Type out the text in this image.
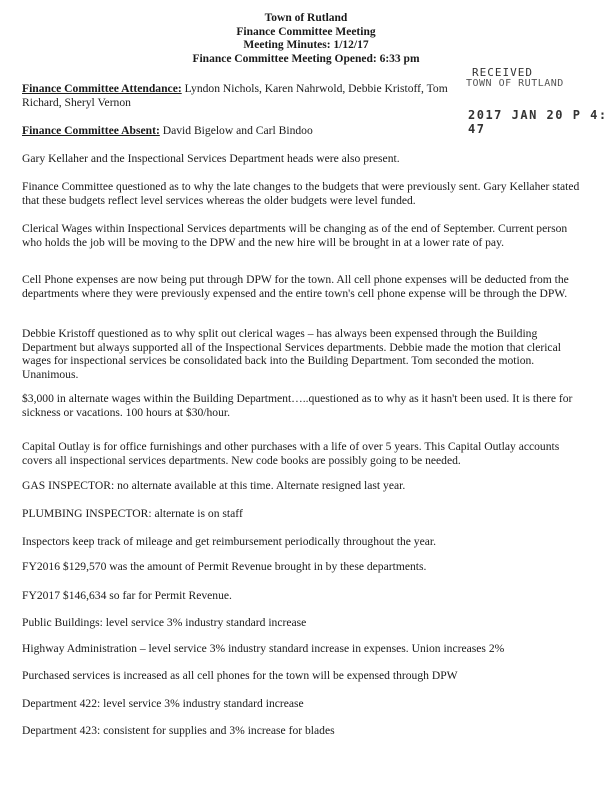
Town of Rutland
Finance Committee Meeting
Meeting Minutes: 1/12/17
Finance Committee Meeting Opened: 6:33 pm
RECEIVED
TOWN OF RUTLAND
2017 JAN 20 P 4: 47
Finance Committee Attendance: Lyndon Nichols, Karen Nahrwold, Debbie Kristoff, Tom Richard, Sheryl Vernon
Finance Committee Absent: David Bigelow and Carl Bindoo
Gary Kellaher and the Inspectional Services Department heads were also present.
Finance Committee questioned as to why the late changes to the budgets that were previously sent. Gary Kellaher stated that these budgets reflect level services whereas the older budgets were level funded.
Clerical Wages within Inspectional Services departments will be changing as of the end of September. Current person who holds the job will be moving to the DPW and the new hire will be brought in at a lower rate of pay.
Cell Phone expenses are now being put through DPW for the town. All cell phone expenses will be deducted from the departments where they were previously expensed and the entire town's cell phone expense will be through the DPW.
Debbie Kristoff questioned as to why split out clerical wages – has always been expensed through the Building Department but always supported all of the Inspectional Services departments. Debbie made the motion that clerical wages for inspectional services be consolidated back into the Building Department. Tom seconded the motion. Unanimous.
$3,000 in alternate wages within the Building Department…..questioned as to why as it hasn't been used. It is there for sickness or vacations. 100 hours at $30/hour.
Capital Outlay is for office furnishings and other purchases with a life of over 5 years. This Capital Outlay accounts covers all inspectional services departments. New code books are possibly going to be needed.
GAS INSPECTOR: no alternate available at this time. Alternate resigned last year.
PLUMBING INSPECTOR: alternate is on staff
Inspectors keep track of mileage and get reimbursement periodically throughout the year.
FY2016 $129,570 was the amount of Permit Revenue brought in by these departments.
FY2017 $146,634 so far for Permit Revenue.
Public Buildings: level service 3% industry standard increase
Highway Administration – level service 3% industry standard increase in expenses. Union increases 2%
Purchased services is increased as all cell phones for the town will be expensed through DPW
Department 422: level service 3% industry standard increase
Department 423: consistent for supplies and 3% increase for blades
